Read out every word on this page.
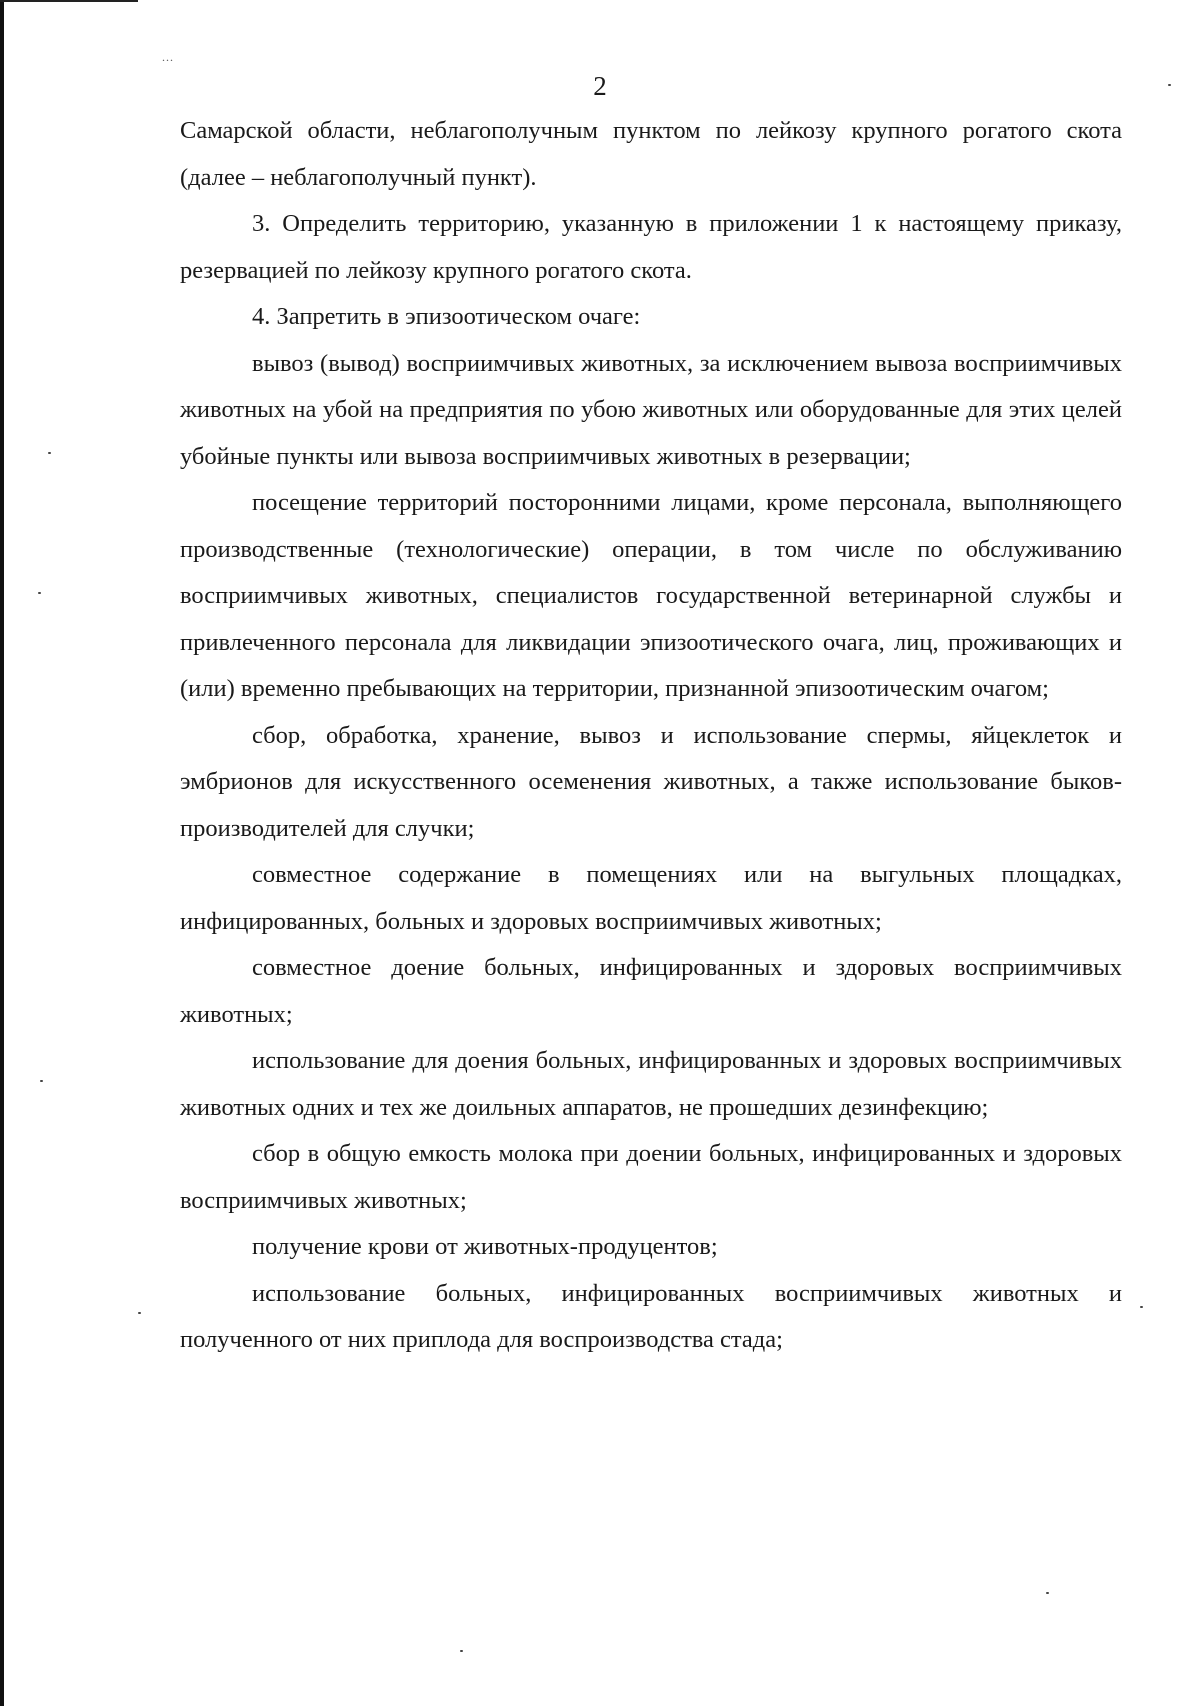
...
2

Самарской области, неблагополучным пунктом по лейкозу крупного рогатого скота (далее – неблагополучный пункт).

3. Определить территорию, указанную в приложении 1 к настоящему приказу, резервацией по лейкозу крупного рогатого скота.

4. Запретить в эпизоотическом очаге:

вывоз (вывод) восприимчивых животных, за исключением вывоза восприимчивых животных на убой на предприятия по убою животных или оборудованные для этих целей убойные пункты или вывоза восприимчивых животных в резервации;

посещение территорий посторонними лицами, кроме персонала, выполняющего производственные (технологические) операции, в том числе по обслуживанию восприимчивых животных, специалистов государственной ветеринарной службы и привлеченного персонала для ликвидации эпизоотического очага, лиц, проживающих и (или) временно пребывающих на территории, признанной эпизоотическим очагом;

сбор, обработка, хранение, вывоз и использование спермы, яйцеклеток и эмбрионов для искусственного осеменения животных, а также использование быков-производителей для случки;

совместное содержание в помещениях или на выгульных площадках, инфицированных, больных и здоровых восприимчивых животных;

совместное доение больных, инфицированных и здоровых восприимчивых животных;

использование для доения больных, инфицированных и здоровых восприимчивых животных одних и тех же доильных аппаратов, не прошедших дезинфекцию;

сбор в общую емкость молока при доении больных, инфицированных и здоровых восприимчивых животных;

получение крови от животных-продуцентов;

использование больных, инфицированных восприимчивых животных и полученного от них приплода для воспроизводства стада;
